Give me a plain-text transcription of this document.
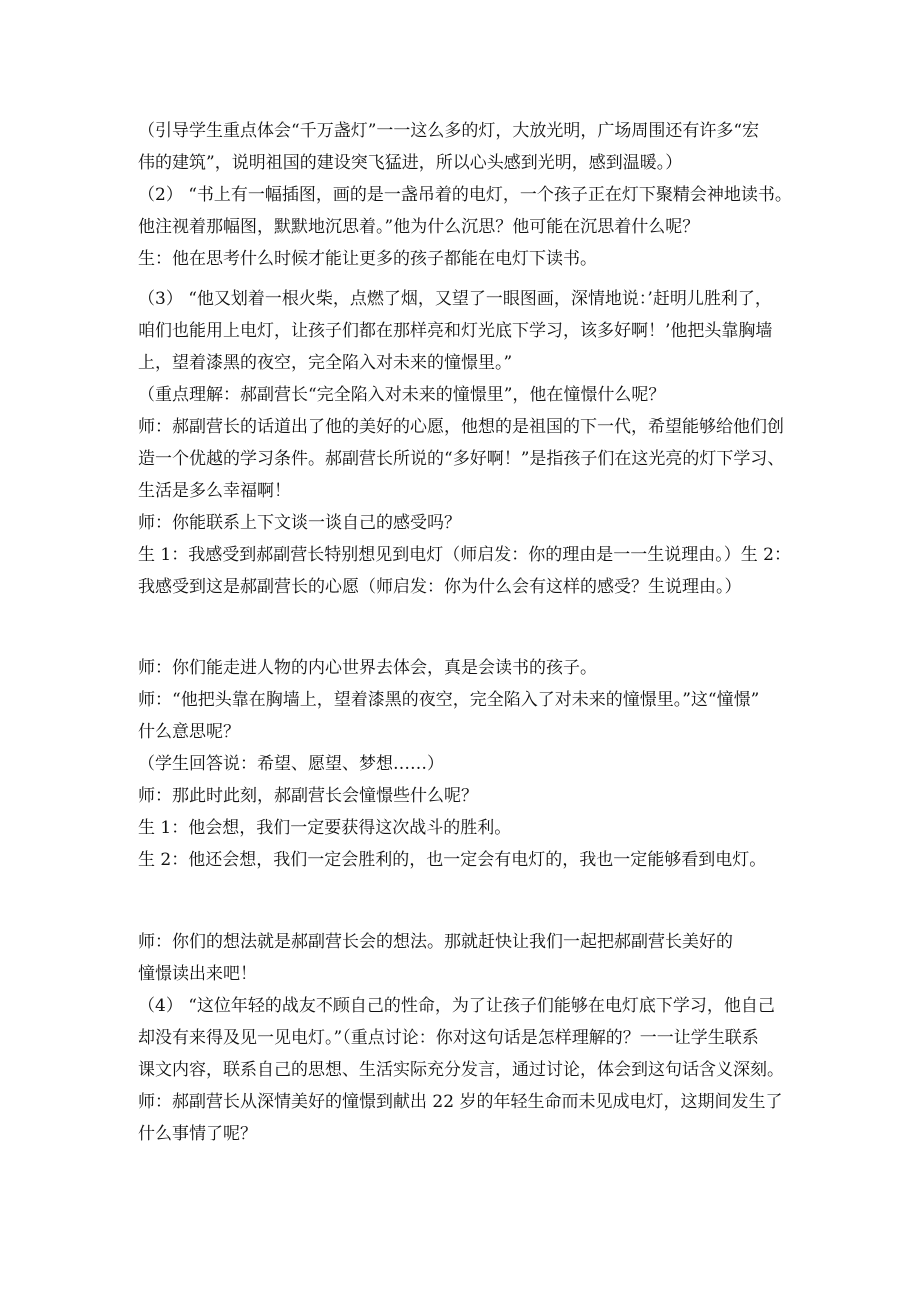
（引导学生重点体会“千万盏灯”一一这么多的灯，大放光明，广场周围还有许多“宏
伟的建筑”，说明祖国的建设突飞猛进，所以心头感到光明，感到温暖。）
（2） “书上有一幅插图，画的是一盏吊着的电灯，一个孩子正在灯下聚精会神地读书。
他注视着那幅图，默默地沉思着。”他为什么沉思？他可能在沉思着什么呢？
生：他在思考什么时候才能让更多的孩子都能在电灯下读书。
（3） “他又划着一根火柴，点燃了烟，又望了一眼图画，深情地说：’赶明儿胜利了，
咱们也能用上电灯，让孩子们都在那样亮和灯光底下学习，该多好啊！’他把头靠胸墙
上，望着漆黑的夜空，完全陷入对未来的憧憬里。”
（重点理解：郝副营长“完全陷入对未来的憧憬里”，他在憧憬什么呢？
师：郝副营长的话道出了他的美好的心愿，他想的是祖国的下一代，希望能够给他们创
造一个优越的学习条件。郝副营长所说的“多好啊！”是指孩子们在这光亮的灯下学习、
生活是多么幸福啊！
师：你能联系上下文谈一谈自己的感受吗？
生 1：我感受到郝副营长特别想见到电灯（师启发：你的理由是一一生说理由。）生 2：
我感受到这是郝副营长的心愿（师启发：你为什么会有这样的感受？生说理由。）
师：你们能走进人物的内心世界去体会，真是会读书的孩子。
师：“他把头靠在胸墙上，望着漆黑的夜空，完全陷入了对未来的憧憬里。”这“憧憬”
什么意思呢？
（学生回答说：希望、愿望、梦想……）
师：那此时此刻，郝副营长会憧憬些什么呢？
生 1：他会想，我们一定要获得这次战斗的胜利。
生 2：他还会想，我们一定会胜利的，也一定会有电灯的，我也一定能够看到电灯。
师：你们的想法就是郝副营长会的想法。那就赶快让我们一起把郝副营长美好的
憧憬读出来吧！
（4） “这位年轻的战友不顾自己的性命，为了让孩子们能够在电灯底下学习，他自己
却没有来得及见一见电灯。”（重点讨论：你对这句话是怎样理解的？一一让学生联系
课文内容，联系自己的思想、生活实际充分发言，通过讨论，体会到这句话含义深刻。
师：郝副营长从深情美好的憧憬到献出 22 岁的年轻生命而未见成电灯，这期间发生了
什么事情了呢？
